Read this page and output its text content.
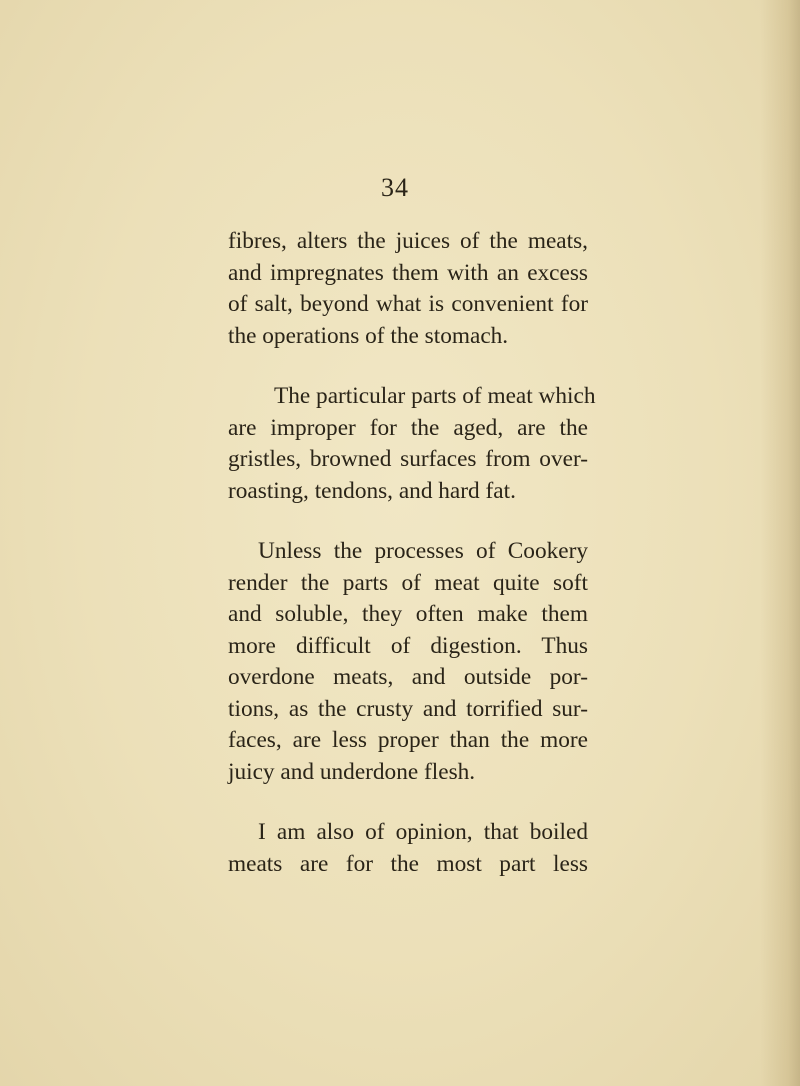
34

fibres, alters the juices of the meats,
and impregnates them with an excess
of salt, beyond what is convenient for
the operations of the stomach.

The particular parts of meat which
are improper for the aged, are the
gristles, browned surfaces from over-
roasting, tendons, and hard fat.

Unless the processes of Cookery
render the parts of meat quite soft
and soluble, they often make them
more difficult of digestion. Thus
overdone meats, and outside por-
tions, as the crusty and torrified sur-
faces, are less proper than the more
juicy and underdone flesh.

I am also of opinion, that boiled
meats are for the most part less
